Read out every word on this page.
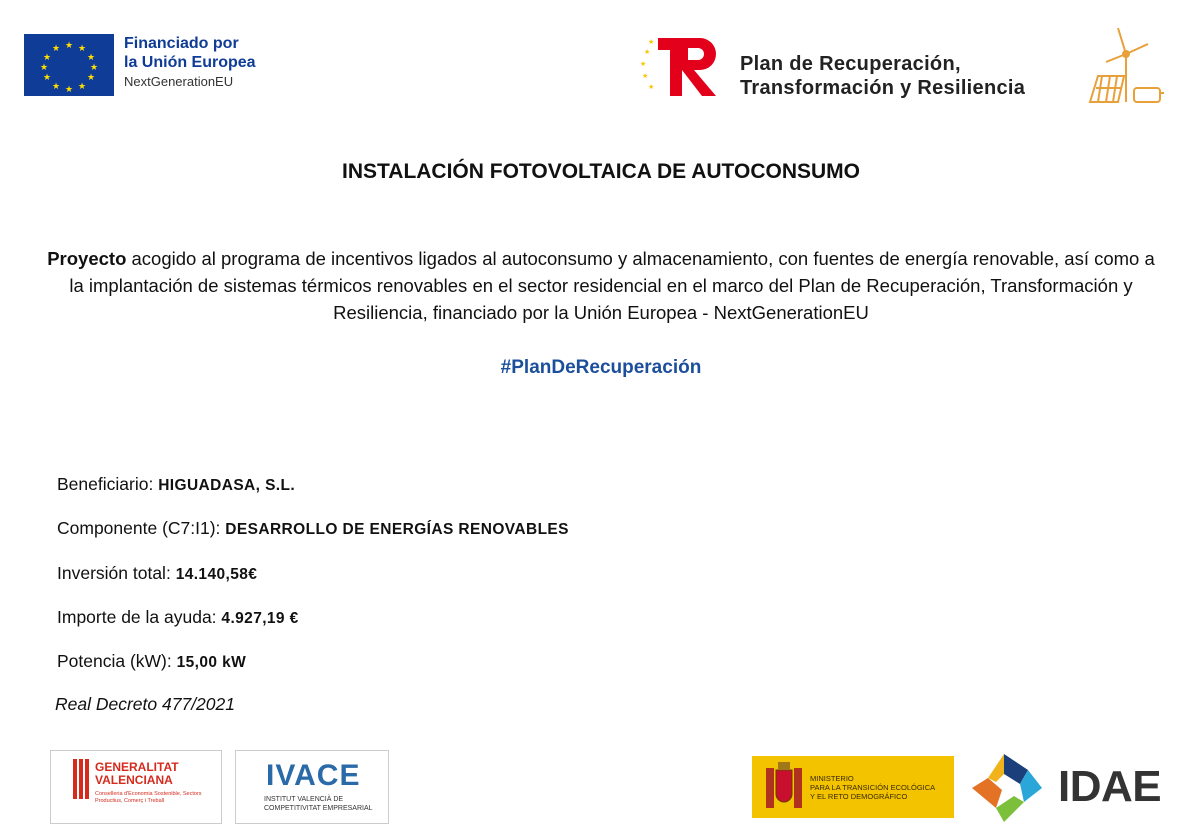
★ ★
★
★
★
★
★
★
★
★
★
★	Financiado por
la Unión Europea
NextGenerationEU
★
★
★
★
★
Plan de Recuperación,
Transformación y Resiliencia
INSTALACIÓN FOTOVOLTAICA DE AUTOCONSUMO
Proyecto acogido al programa de incentivos ligados al autoconsumo y almacenamiento, con fuentes de energía renovable, así como a la implantación de sistemas térmicos renovables en el sector residencial en el marco del Plan de Recuperación, Transformación y Resiliencia, financiado por la Unión Europea - NextGenerationEU
#PlanDeRecuperación
Beneficiario: HIGUADASA, S.L.
Componente (C7:I1): DESARROLLO DE ENERGÍAS RENOVABLES
Inversión total: 14.140,58€
Importe de la ayuda: 4.927,19 €
Potencia (kW): 15,00 kW
Real Decreto 477/2021
GENERALITAT
VALENCIANA
Conselleria d'Economia Sostenible, Sectors Productius, Comerç i Treball
IVACE
INSTITUT VALENCIÀ DE
COMPETITIVITAT EMPRESARIAL
MINISTERIO
PARA LA TRANSICIÓN ECOLÓGICA
Y EL RETO DEMOGRÁFICO	IDAE
